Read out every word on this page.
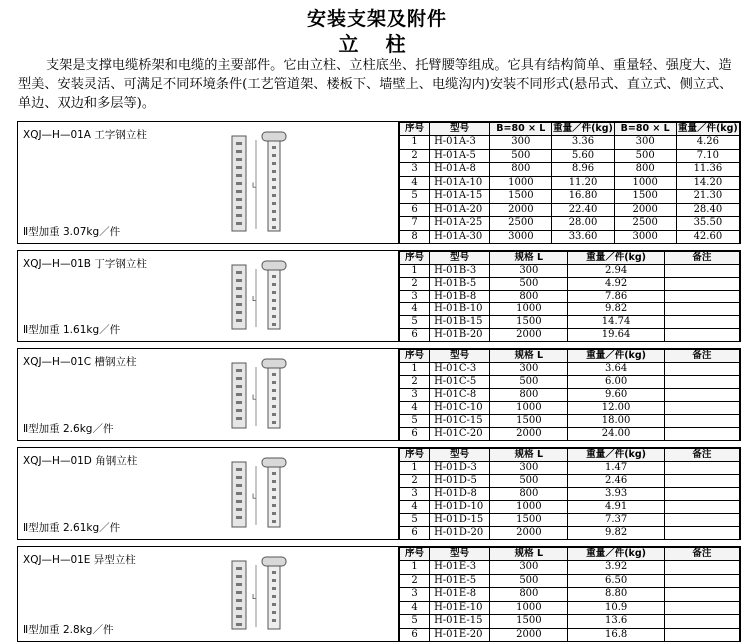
安装支架及附件
立 柱
支架是支撑电缆桥架和电缆的主要部件。它由立柱、立柱底坐、托臂腰等组成。它具有结构简单、重量轻、强度大、造型美、安装灵活、可满足不同环境条件(工艺管道架、楼板下、墙壁上、电缆沟内)安装不同形式(悬吊式、直立式、侧立式、单边、双边和多层等)。
XQJ—H—01A 工字钢立柱
Ⅱ型加重 3.07kg／件
L
序号	型号	B=80 × L	重量／件(kg)	B=80 × L	重量／件(kg)
1	H-01A-3	300	3.36	300	4.26
2	H-01A-5	500	5.60	500	7.10
3	H-01A-8	800	8.96	800	11.36
4	H-01A-10	1000	11.20	1000	14.20
5	H-01A-15	1500	16.80	1500	21.30
6	H-01A-20	2000	22.40	2000	28.40
7	H-01A-25	2500	28.00	2500	35.50
8	H-01A-30	3000	33.60	3000	42.60
XQJ—H—01B 丁字钢立柱
Ⅱ型加重 1.61kg／件
L
序号	型号	规格 L	重量／件(kg)	备注
1	H-01B-3	300	2.94	
2	H-01B-5	500	4.92	
3	H-01B-8	800	7.86	
4	H-01B-10	1000	9.82	
5	H-01B-15	1500	14.74	
6	H-01B-20	2000	19.64	
XQJ—H—01C 槽钢立柱
Ⅱ型加重 2.6kg／件
L
序号	型号	规格 L	重量／件(kg)	备注
1	H-01C-3	300	3.64	
2	H-01C-5	500	6.00	
3	H-01C-8	800	9.60	
4	H-01C-10	1000	12.00	
5	H-01C-15	1500	18.00	
6	H-01C-20	2000	24.00	
XQJ—H—01D 角钢立柱
Ⅱ型加重 2.61kg／件
L
序号	型号	规格 L	重量／件(kg)	备注
1	H-01D-3	300	1.47	
2	H-01D-5	500	2.46	
3	H-01D-8	800	3.93	
4	H-01D-10	1000	4.91	
5	H-01D-15	1500	7.37	
6	H-01D-20	2000	9.82	
XQJ—H—01E 异型立柱
Ⅱ型加重 2.8kg／件
L
序号	型号	规格 L	重量／件(kg)	备注
1	H-01E-3	300	3.92	
2	H-01E-5	500	6.50	
3	H-01E-8	800	8.80	
4	H-01E-10	1000	10.9	
5	H-01E-15	1500	13.6	
6	H-01E-20	2000	16.8	
